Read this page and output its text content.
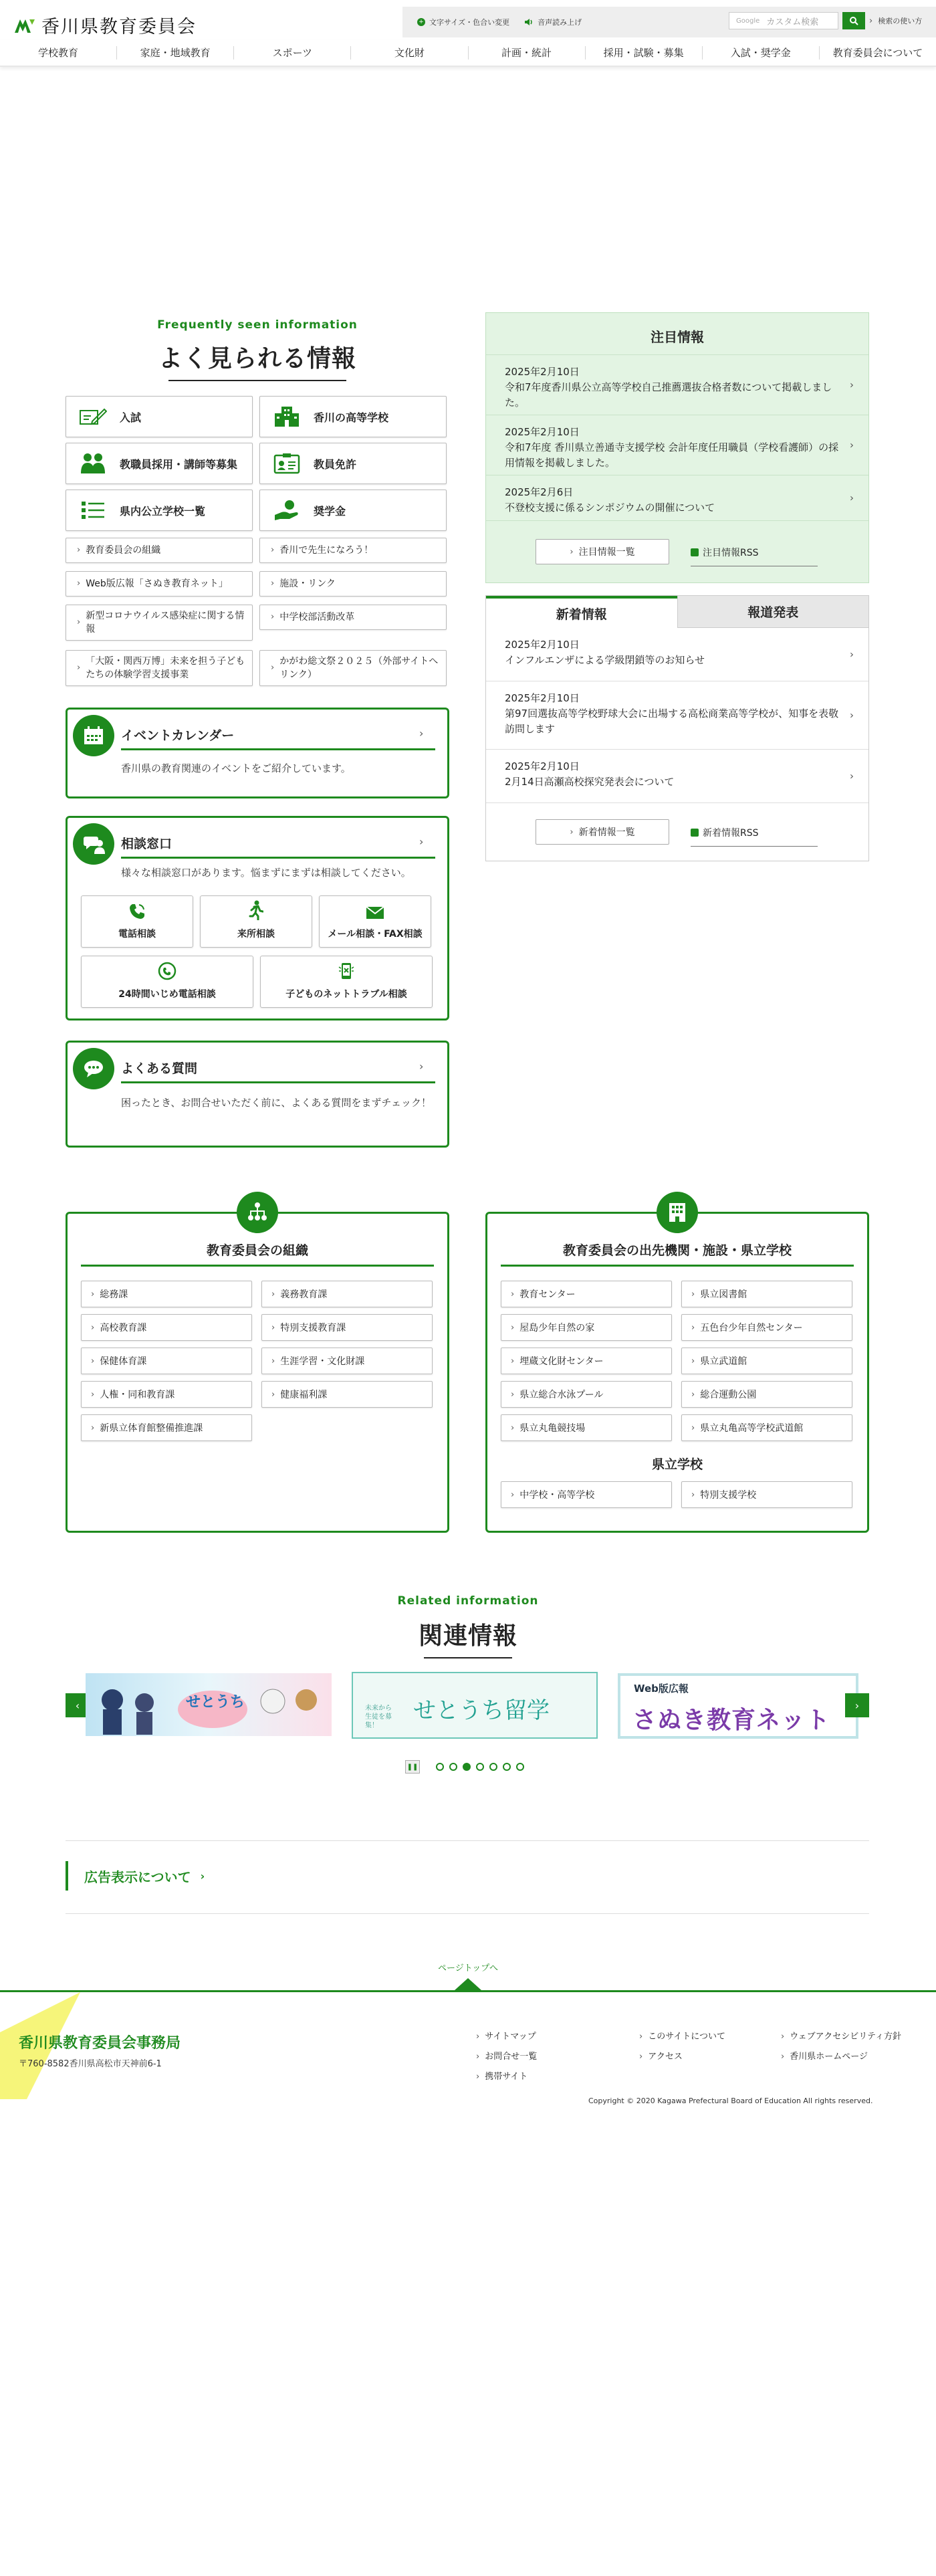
香川県教育委員会	+ 文字サイズ・色合い変更	音声読み上げ	Google カスタム検索	› 検索の使い方
学校教育	家庭・地域教育	スポーツ	文化財	計画・統計	採用・試験・募集	入試・奨学金	教育委員会について
Frequently seen information
よく見られる情報
入試	香川の高等学校
教職員採用・講師等募集	教員免許
県内公立学校一覧	奨学金
› 教育委員会の組織	› 香川で先生になろう！
› Web版広報「さぬき教育ネット」	› 施設・リンク
›
新型コロナウイルス感染症に関する情報
› 中学校部活動改革
›
「大阪・関西万博」未来を担う子どもたちの体験学習支援事業
›
かがわ総文祭２０２５（外部サイトへリンク）
イベントカレンダー	›
香川県の教育関連のイベントをご紹介しています。
相談窓口	›
様々な相談窓口があります。悩まずにまずは相談してください。
電話相談	来所相談	メール相談・FAX相談
24時間いじめ電話相談	子どものネットトラブル相談
よくある質問	›
困ったとき、お問合せいただく前に、よくある質問をまずチェック！
注目情報
2025年2月10日
令和7年度香川県公立高等学校自己推薦選抜合格者数について掲載しました。
›
2025年2月10日
令和7年度 香川県立善通寺支援学校 会計年度任用職員（学校看護師）の採用情報を掲載しました。
›
2025年2月6日
不登校支援に係るシンポジウムの開催について
›
› 注目情報一覧	注目情報RSS
新着情報	報道発表
2025年2月10日
インフルエンザによる学級閉鎖等のお知らせ	›
2025年2月10日
第97回選抜高等学校野球大会に出場する高松商業高等学校が、知事を表敬訪問します
›
2025年2月10日
2月14日高瀬高校探究発表会について	›
› 新着情報一覧	新着情報RSS
教育委員会の組織
› 総務課	› 義務教育課
› 高校教育課	› 特別支援教育課
› 保健体育課	› 生涯学習・文化財課
› 人権・同和教育課	› 健康福利課
› 新県立体育館整備推進課
教育委員会の出先機関・施設・県立学校
› 教育センター	› 県立図書館
› 屋島少年自然の家	› 五色台少年自然センター
› 埋蔵文化財センター	› 県立武道館
› 県立総合水泳プール	› 総合運動公園
› 県立丸亀競技場	› 県立丸亀高等学校武道館
県立学校
› 中学校・高等学校	› 特別支援学校
Related information
関連情報
‹	せとうち	未来から生徒を募集！
せとうち留学
Web版広報
さぬき教育ネット
›
❚❚
広告表示について ›
ページトップへ
香川県教育委員会事務局
〒760-8582香川県高松市天神前6-1
› サイトマップ	› このサイトについて	› ウェブアクセシビリティ方針
› お問合せ一覧	› アクセス	› 香川県ホームページ
› 携帯サイト
Copyright © 2020 Kagawa Prefectural Board of Education All rights reserved.
